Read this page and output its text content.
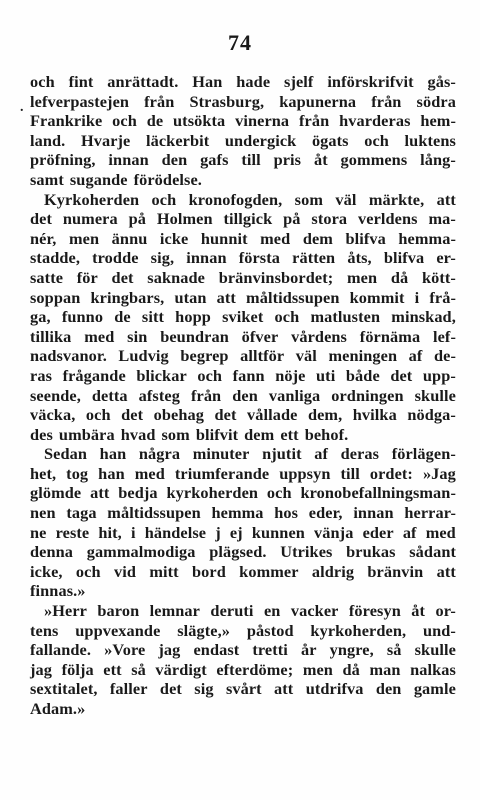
74
.
och fint anrättadt. Han hade sjelf införskrifvit gås-
lefverpastejen från Strasburg, kapunerna från södra
Frankrike och de utsökta vinerna från hvarderas hem-
land. Hvarje läckerbit undergick ögats och luktens
pröfning, innan den gafs till pris åt gommens lång-
samt sugande förödelse.
Kyrkoherden och kronofogden, som väl märkte, att
det numera på Holmen tillgick på stora verldens ma-
nér, men ännu icke hunnit med dem blifva hemma-
stadde, trodde sig, innan första rätten åts, blifva er-
satte för det saknade bränvinsbordet; men då kött-
soppan kringbars, utan att måltidssupen kommit i frå-
ga, funno de sitt hopp sviket och matlusten minskad,
tillika med sin beundran öfver vårdens förnäma lef-
nadsvanor. Ludvig begrep alltför väl meningen af de-
ras frågande blickar och fann nöje uti både det upp-
seende, detta afsteg från den vanliga ordningen skulle
väcka, och det obehag det vållade dem, hvilka nödga-
des umbära hvad som blifvit dem ett behof.
Sedan han några minuter njutit af deras förlägen-
het, tog han med triumferande uppsyn till ordet: »Jag
glömde att bedja kyrkoherden och kronobefallningsman-
nen taga måltidssupen hemma hos eder, innan herrar-
ne reste hit, i händelse j ej kunnen vänja eder af med
denna gammalmodiga plägsed. Utrikes brukas sådant
icke, och vid mitt bord kommer aldrig bränvin att
finnas.»
»Herr baron lemnar deruti en vacker föresyn åt or-
tens uppvexande slägte,» påstod kyrkoherden, und-
fallande. »Vore jag endast tretti år yngre, så skulle
jag följa ett så värdigt efterdöme; men då man nalkas
sextitalet, faller det sig svårt att utdrifva den gamle
Adam.»
